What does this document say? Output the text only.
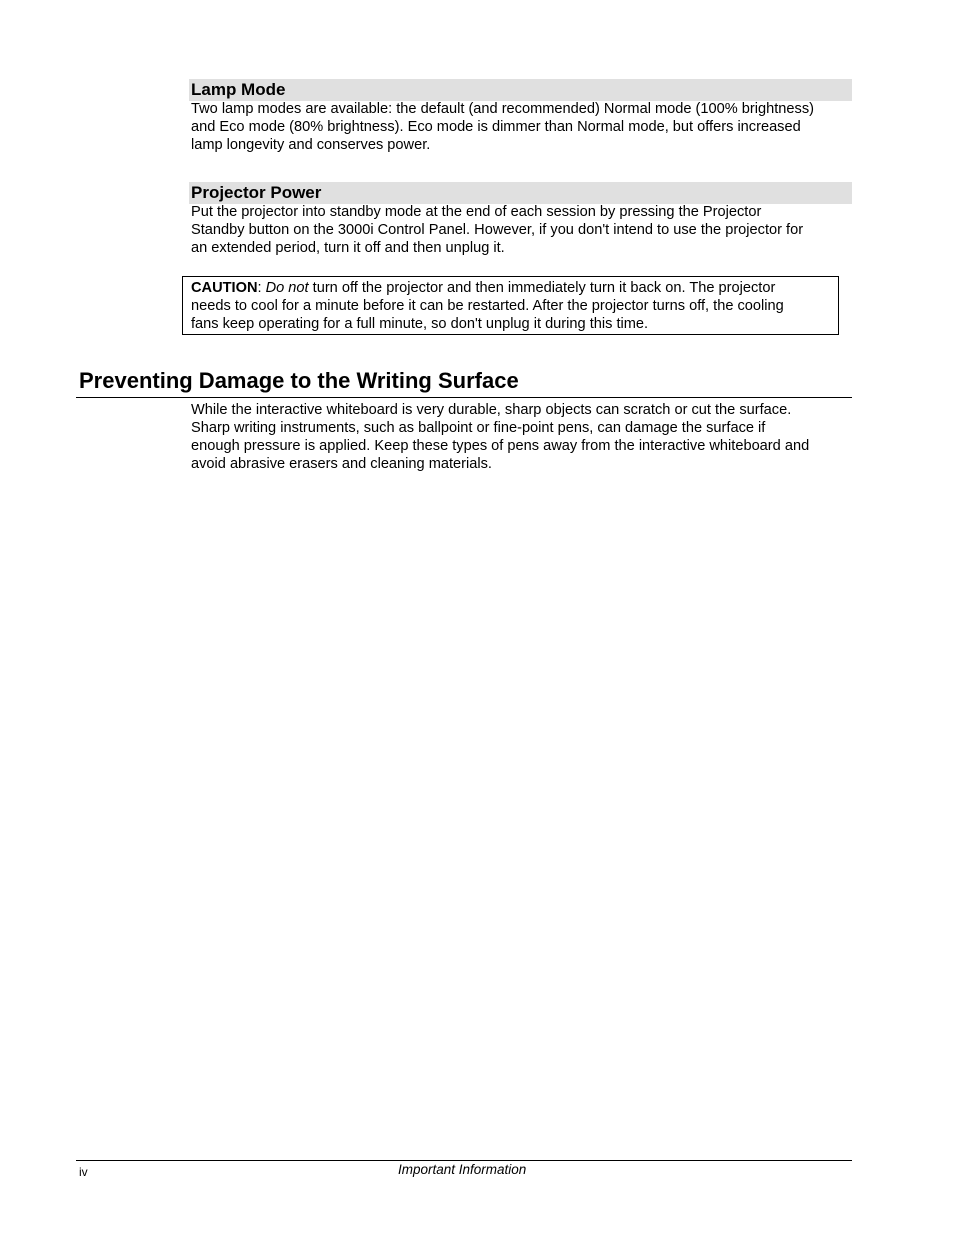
Lamp Mode
Two lamp modes are available: the default (and recommended) Normal mode (100% brightness)
and Eco mode (80% brightness). Eco mode is dimmer than Normal mode, but offers increased
lamp longevity and conserves power.
Projector Power
Put the projector into standby mode at the end of each session by pressing the Projector
Standby button on the 3000i Control Panel. However, if you don't intend to use the projector for
an extended period, turn it off and then unplug it.
CAUTION: Do not turn off the projector and then immediately turn it back on. The projector
needs to cool for a minute before it can be restarted. After the projector turns off, the cooling
fans keep operating for a full minute, so don't unplug it during this time.
Preventing Damage to the Writing Surface
While the interactive whiteboard is very durable, sharp objects can scratch or cut the surface.
Sharp writing instruments, such as ballpoint or fine-point pens, can damage the surface if
enough pressure is applied. Keep these types of pens away from the interactive whiteboard and
avoid abrasive erasers and cleaning materials.
iv	Important Information
